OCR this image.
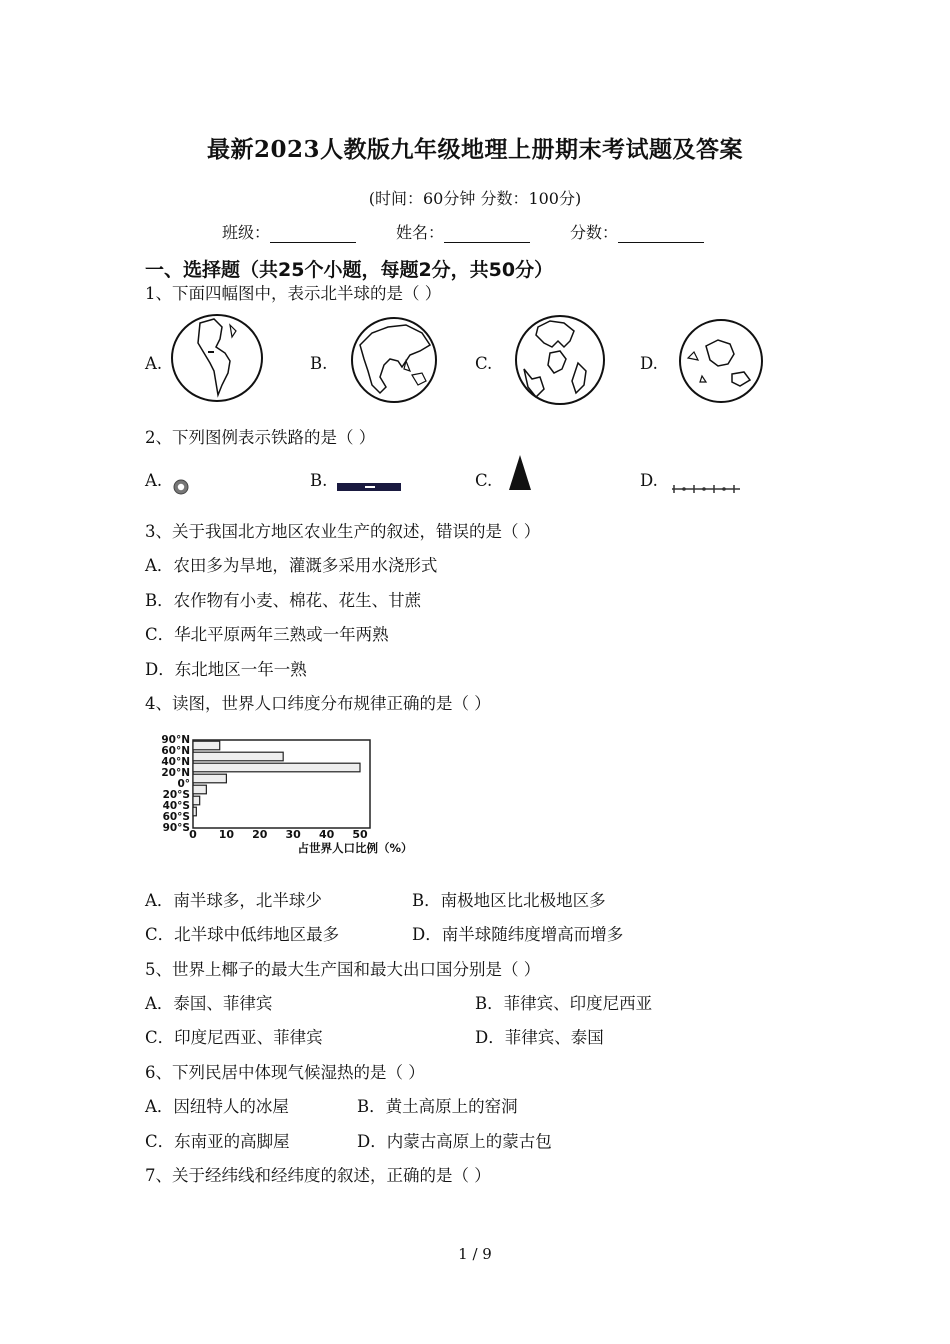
最新2023人教版九年级地理上册期末考试题及答案
(时间：60分钟 分数：100分)
班级：	姓名：	分数：
一、选择题（共25个小题，每题2分，共50分）
1、下面四幅图中，表示北半球的是（ ）
A.	B.	C.	D.
2、下列图例表示铁路的是（ ）
A.	B.	C.	D.
3、关于我国北方地区农业生产的叙述，错误的是（ ）
A．农田多为旱地，灌溉多采用水浇形式
B．农作物有小麦、棉花、花生、甘蔗
C．华北平原两年三熟或一年两熟
D．东北地区一年一熟
4、读图，世界人口纬度分布规律正确的是（ ）
90°N
60°N
40°N
20°N
0°
20°S
40°S
60°S
90°S 0 10 20 30 40 50
占世界人口比例（%）
A．南半球多，北半球少	B．南极地区比北极地区多
C．北半球中低纬地区最多	D．南半球随纬度增高而增多
5、世界上椰子的最大生产国和最大出口国分别是（ ）
A．泰国、菲律宾	B．菲律宾、印度尼西亚
C．印度尼西亚、菲律宾	D．菲律宾、泰国
6、下列民居中体现气候湿热的是（ ）
A．因纽特人的冰屋	B．黄土高原上的窑洞
C．东南亚的高脚屋	D．内蒙古高原上的蒙古包
7、关于经纬线和经纬度的叙述，正确的是（ ）
1 / 9
